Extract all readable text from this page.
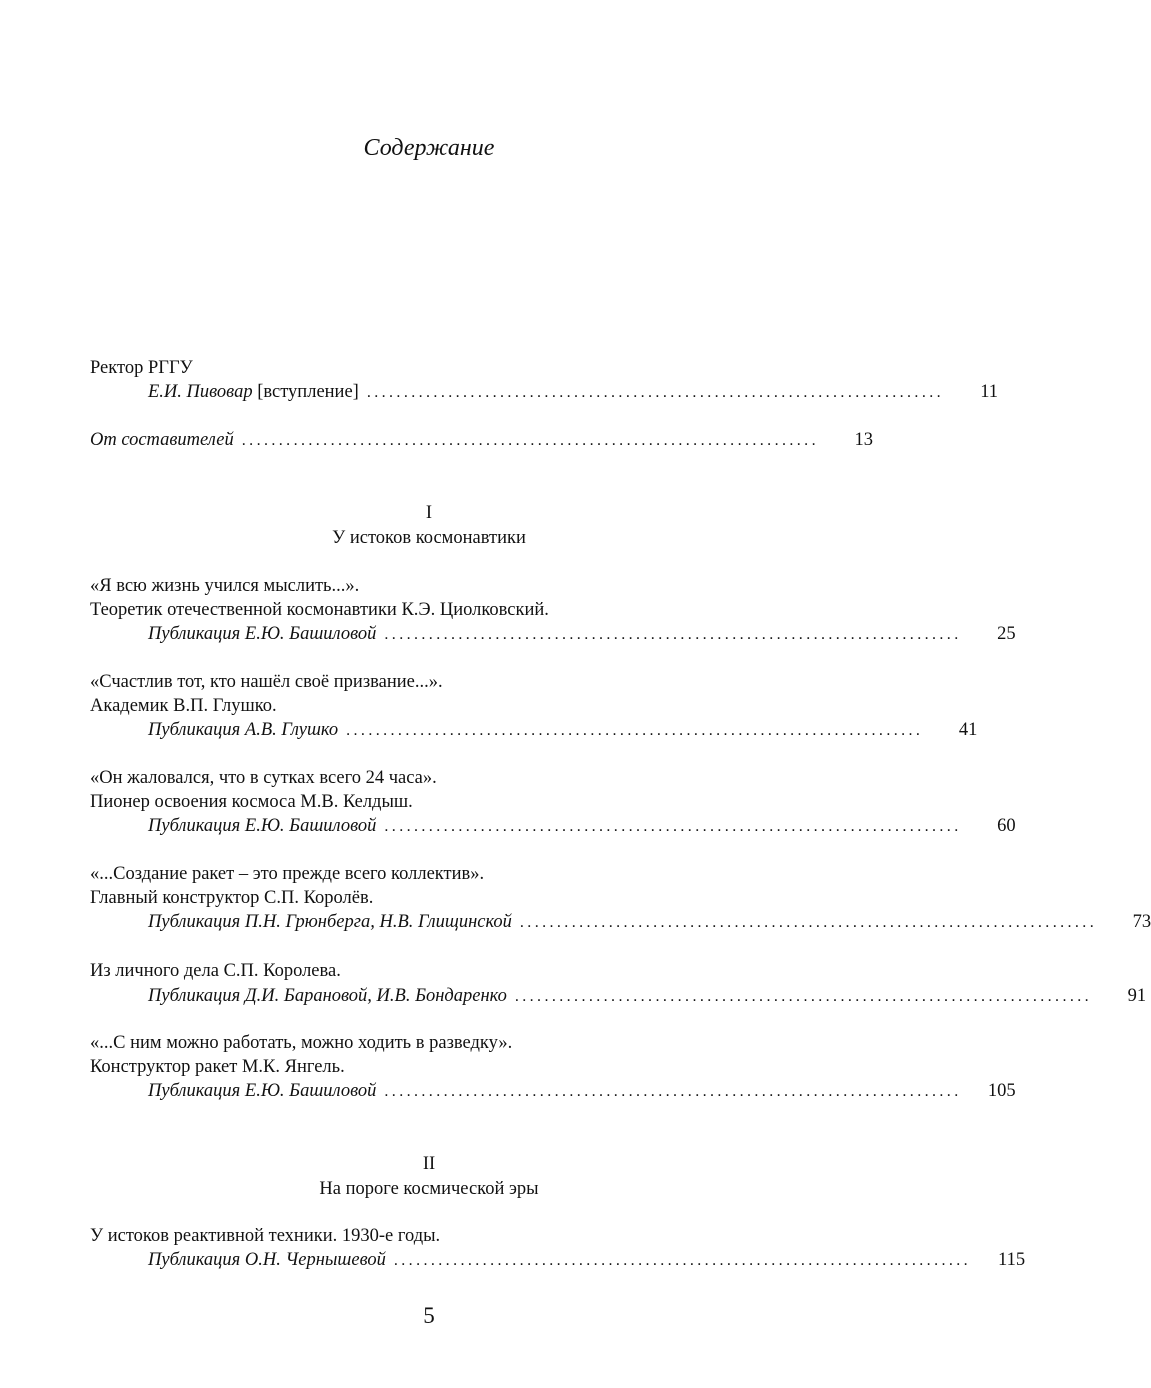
Содержание
Ректор РГГУ
Е.И. Пивовар [вступление] ..............................................................................	11
От составителей ..............................................................................	13
I
У истоков космонавтики
«Я всю жизнь учился мыслить...».
Теоретик отечественной космонавтики К.Э. Циолковский.
Публикация Е.Ю. Башиловой ..............................................................................	25
«Счастлив тот, кто нашёл своё призвание...».
Академик В.П. Глушко.
Публикация А.В. Глушко ..............................................................................	41
«Он жаловался, что в сутках всего 24 часа».
Пионер освоения космоса М.В. Келдыш.
Публикация Е.Ю. Башиловой ..............................................................................	60
«...Создание ракет – это прежде всего коллектив».
Главный конструктор С.П. Королёв.
Публикация П.Н. Грюнберга, Н.В. Глищинской ..............................................................................	73
Из личного дела С.П. Королева.
Публикация Д.И. Барановой, И.В. Бондаренко ..............................................................................	91
«...С ним можно работать, можно ходить в разведку».
Конструктор ракет М.К. Янгель.
Публикация Е.Ю. Башиловой ..............................................................................	105
II
На пороге космической эры
У истоков реактивной техники. 1930-е годы.
Публикация О.Н. Чернышевой ..............................................................................	115
5
